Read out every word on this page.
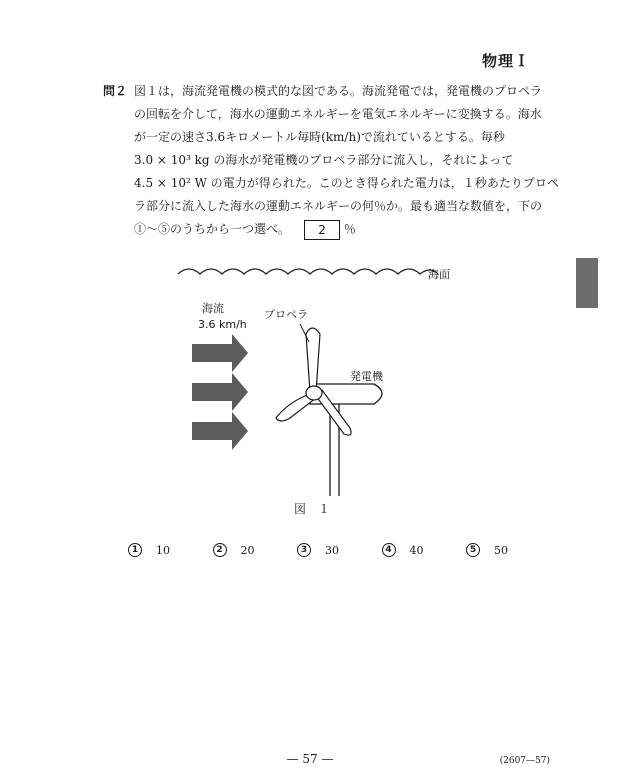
物理Ｉ
問２ 図１は，海流発電機の模式的な図である。海流発電では，発電機のプロペラ
の回転を介して，海水の運動エネルギーを電気エネルギーに変換する。海水
が一定の速さ3.6キロメートル毎時(km/h)で流れているとする。毎秒
3.0 × 10³ kg の海水が発電機のプロペラ部分に流入し，それによって
4.5 × 10² W の電力が得られた。このとき得られた電力は，１秒あたりプロペ
ラ部分に流入した海水の運動エネルギーの何％か。最も適当な数値を，下の
①〜⑤のうちから一つ選べ。 2 ％
海面
海流
3.6 km/h
プロペラ
発電機
図　１
1	10	2	20	3	30	4	40	5	50
— 57 —	(2607—57)
